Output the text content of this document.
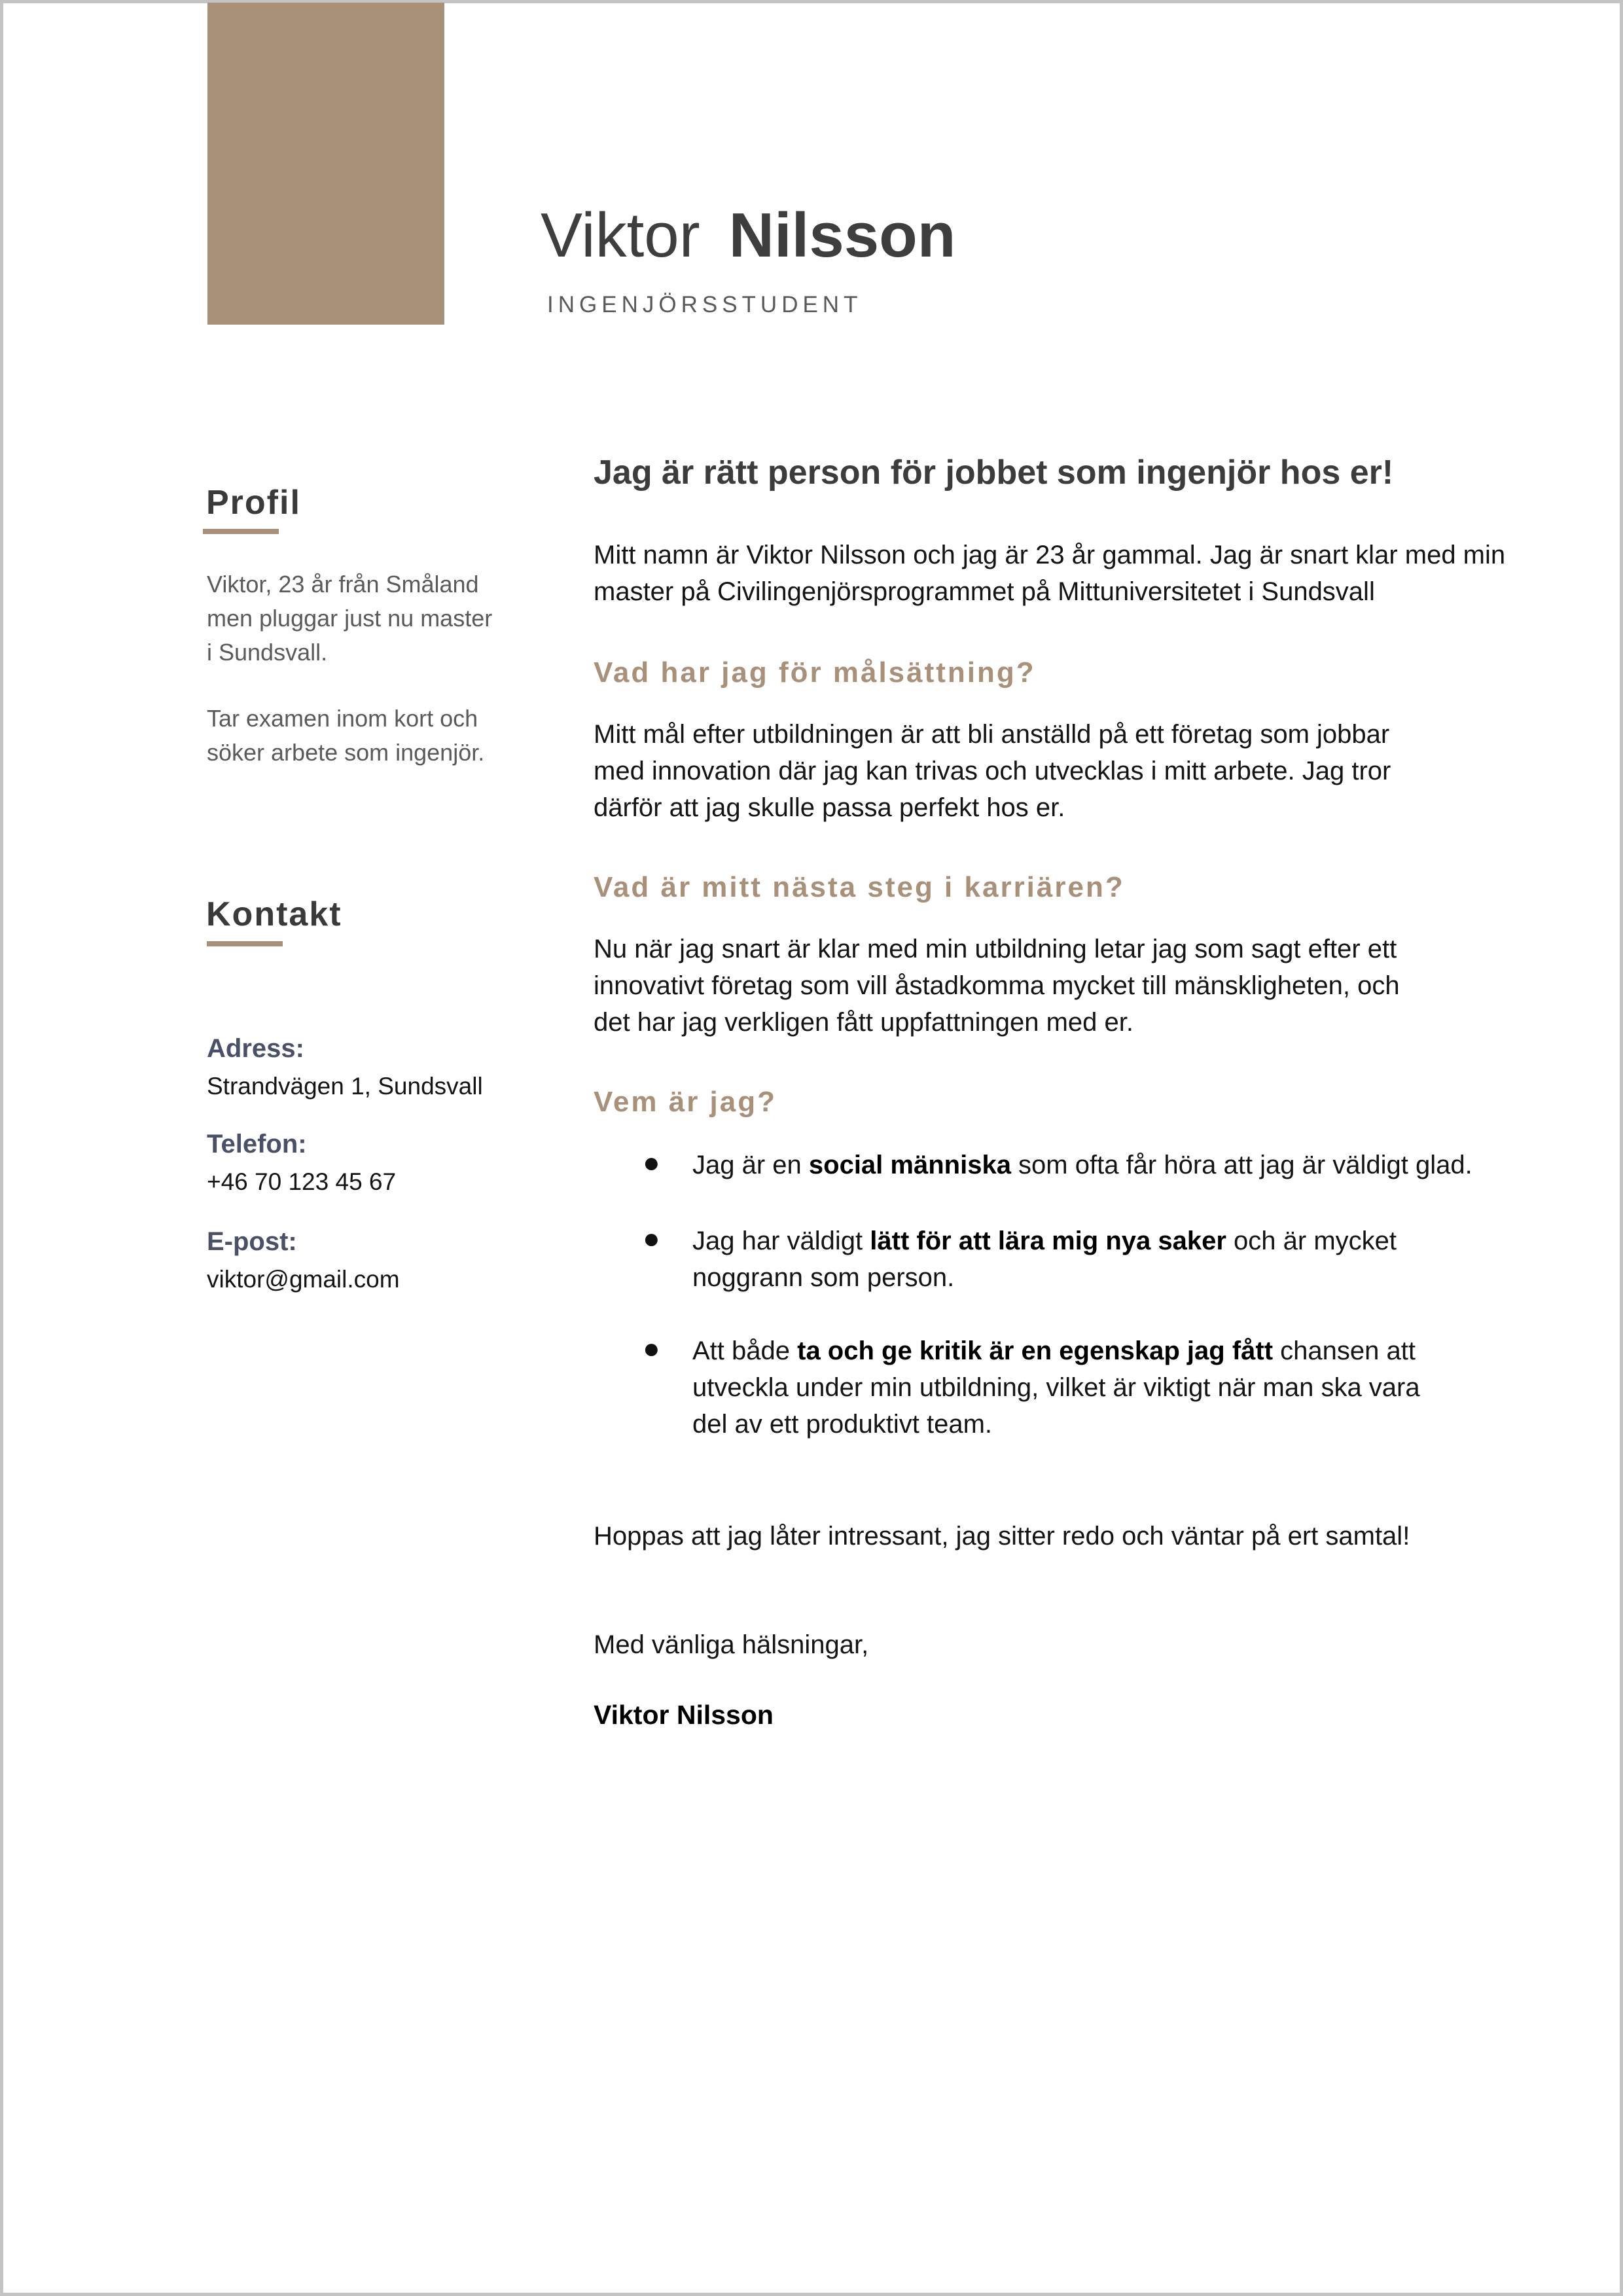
Viktor Nilsson
INGENJÖRSSTUDENT
Profil
Viktor, 23 år från Småland
men pluggar just nu master
i Sundsvall.
Tar examen inom kort och
söker arbete som ingenjör.
Kontakt
Adress:
Strandvägen 1, Sundsvall
Telefon:
+46 70 123 45 67
E-post:
viktor@gmail.com
Jag är rätt person för jobbet som ingenjör hos er!
Mitt namn är Viktor Nilsson och jag är 23 år gammal. Jag är snart klar med min
master på Civilingenjörsprogrammet på Mittuniversitetet i Sundsvall
Vad har jag för målsättning?
Mitt mål efter utbildningen är att bli anställd på ett företag som jobbar
med innovation där jag kan trivas och utvecklas i mitt arbete. Jag tror
därför att jag skulle passa perfekt hos er.
Vad är mitt nästa steg i karriären?
Nu när jag snart är klar med min utbildning letar jag som sagt efter ett
innovativt företag som vill åstadkomma mycket till mänskligheten, och
det har jag verkligen fått uppfattningen med er.
Vem är jag?
● Jag är en social människa som ofta får höra att jag är väldigt glad.
● Jag har väldigt lätt för att lära mig nya saker och är mycket
noggrann som person.
● Att både ta och ge kritik är en egenskap jag fått chansen att
utveckla under min utbildning, vilket är viktigt när man ska vara
del av ett produktivt team.
Hoppas att jag låter intressant, jag sitter redo och väntar på ert samtal!
Med vänliga hälsningar,
Viktor Nilsson
